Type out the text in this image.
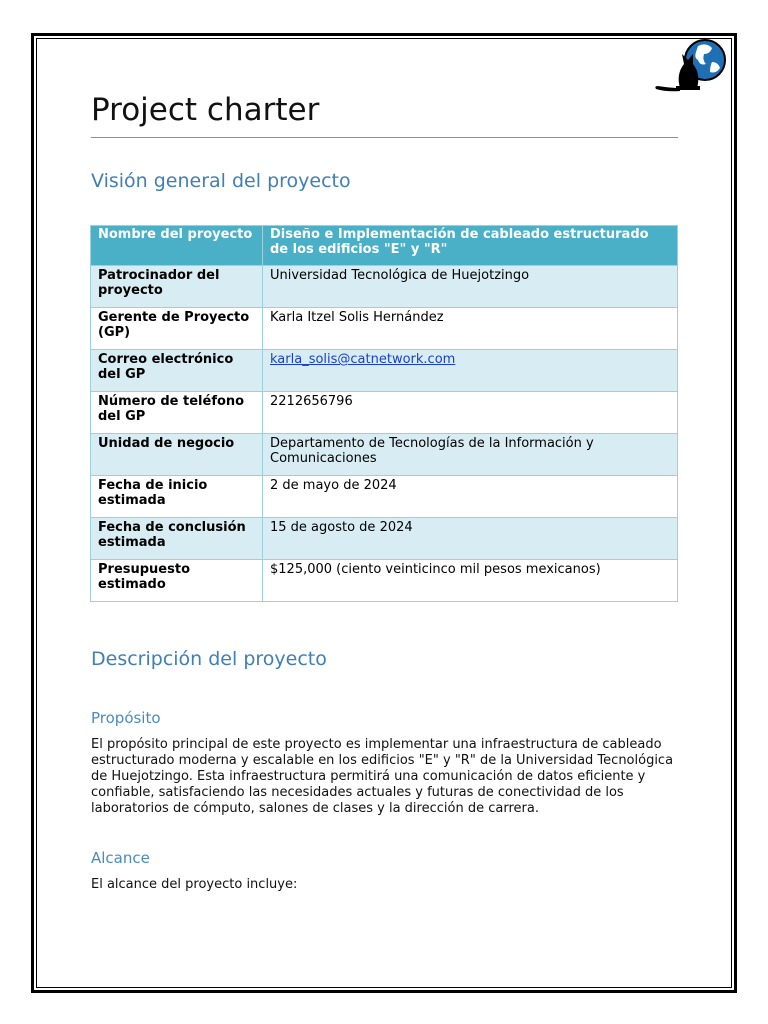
Project charter
Visión general del proyecto
Nombre del proyecto	Diseño e Implementación de cableado estructurado de los edificios "E" y "R"
Patrocinador del proyecto	Universidad Tecnológica de Huejotzingo
Gerente de Proyecto (GP)	Karla Itzel Solis Hernández
Correo electrónico del GP	karla_solis@catnetwork.com
Número de teléfono del GP	2212656796
Unidad de negocio	Departamento de Tecnologías de la Información y Comunicaciones
Fecha de inicio estimada	2 de mayo de 2024
Fecha de conclusión estimada	15 de agosto de 2024
Presupuesto estimado	$125,000 (ciento veinticinco mil pesos mexicanos)
Descripción del proyecto
Propósito

El propósito principal de este proyecto es implementar una infraestructura de cableado estructurado moderna y escalable en los edificios "E" y "R" de la Universidad Tecnológica de Huejotzingo. Esta infraestructura permitirá una comunicación de datos eficiente y confiable, satisfaciendo las necesidades actuales y futuras de conectividad de los laboratorios de cómputo, salones de clases y la dirección de carrera.

Alcance

El alcance del proyecto incluye:
